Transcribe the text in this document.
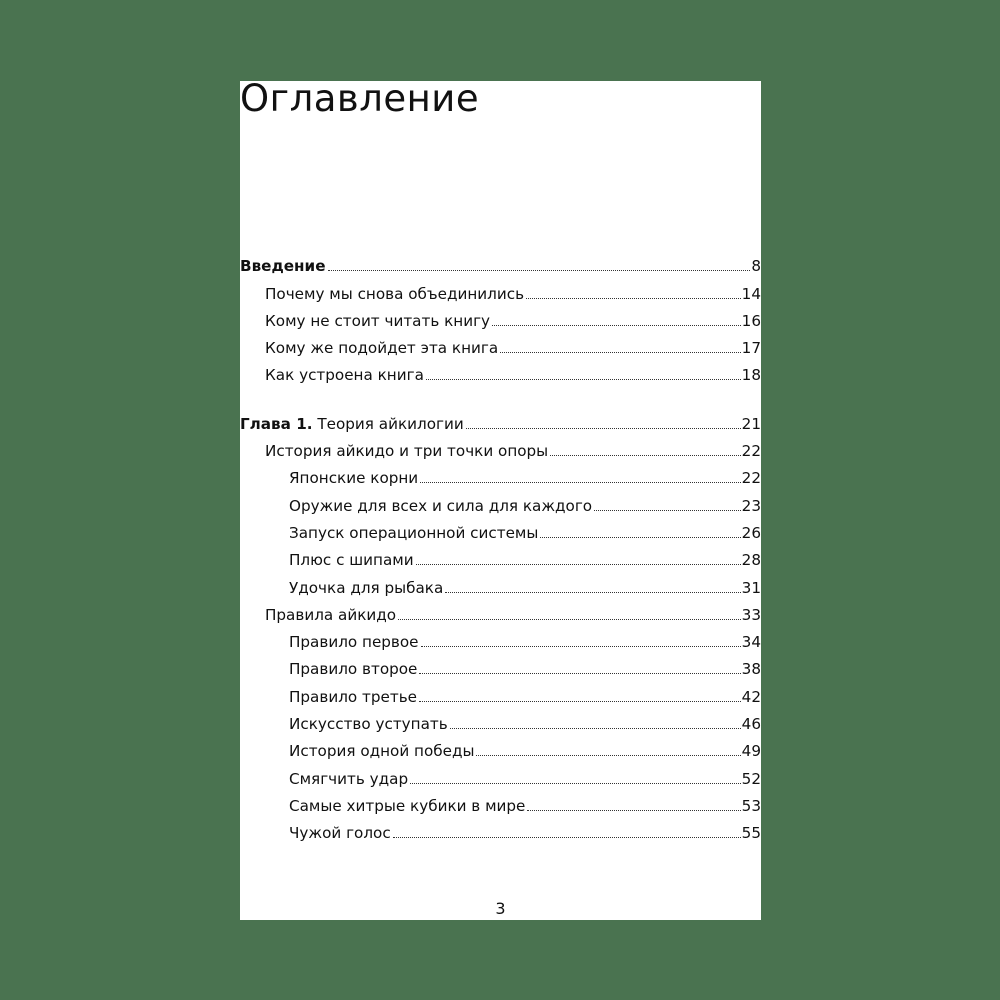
Оглавление
Введение	8
Почему мы снова объединились	14
Кому не стоит читать книгу	16
Кому же подойдет эта книга	17
Как устроена книга	18
Глава 1. Теория айкилогии	21
История айкидо и три точки опоры	22
Японские корни	22
Оружие для всех и сила для каждого	23
Запуск операционной системы	26
Плюс с шипами	28
Удочка для рыбака	31
Правила айкидо	33
Правило первое	34
Правило второе	38
Правило третье	42
Искусство уступать	46
История одной победы	49
Смягчить удар	52
Самые хитрые кубики в мире	53
Чужой голос	55
3
